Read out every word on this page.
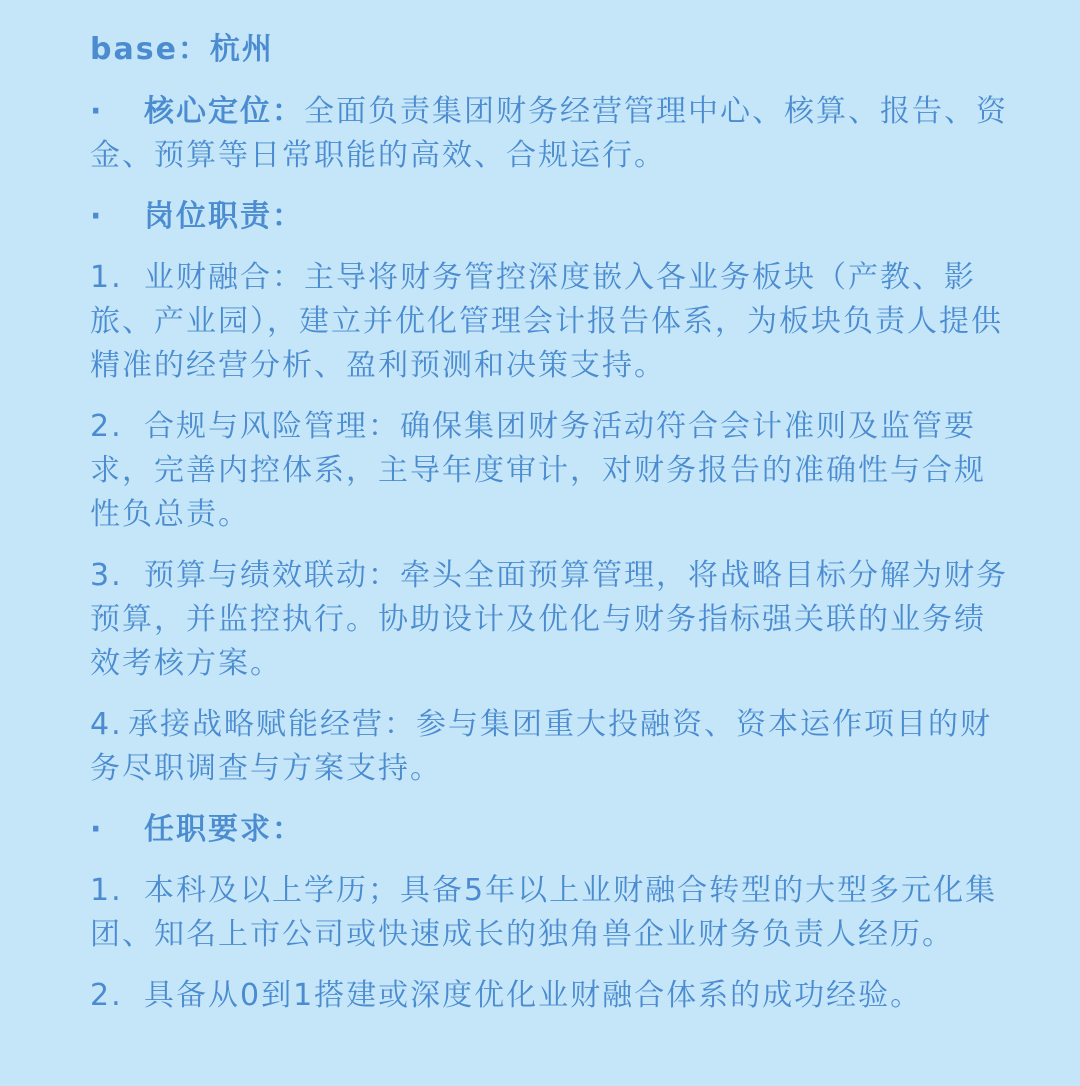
base：杭州
· 核心定位：全面负责集团财务经营管理中心、核算、报告、资金、预算等日常职能的高效、合规运行。
· 岗位职责：
1. 业财融合：主导将财务管控深度嵌入各业务板块（产教、影旅、产业园），建立并优化管理会计报告体系，为板块负责人提供精准的经营分析、盈利预测和决策支持。
2. 合规与风险管理：确保集团财务活动符合会计准则及监管要求，完善内控体系，主导年度审计，对财务报告的准确性与合规性负总责。
3. 预算与绩效联动：牵头全面预算管理，将战略目标分解为财务预算，并监控执行。协助设计及优化与财务指标强关联的业务绩效考核方案。
4. 承接战略赋能经营：参与集团重大投融资、资本运作项目的财务尽职调查与方案支持。
· 任职要求：
1. 本科及以上学历；具备5年以上业财融合转型的大型多元化集团、知名上市公司或快速成长的独角兽企业财务负责人经历。
2. 具备从0到1搭建或深度优化业财融合体系的成功经验。
